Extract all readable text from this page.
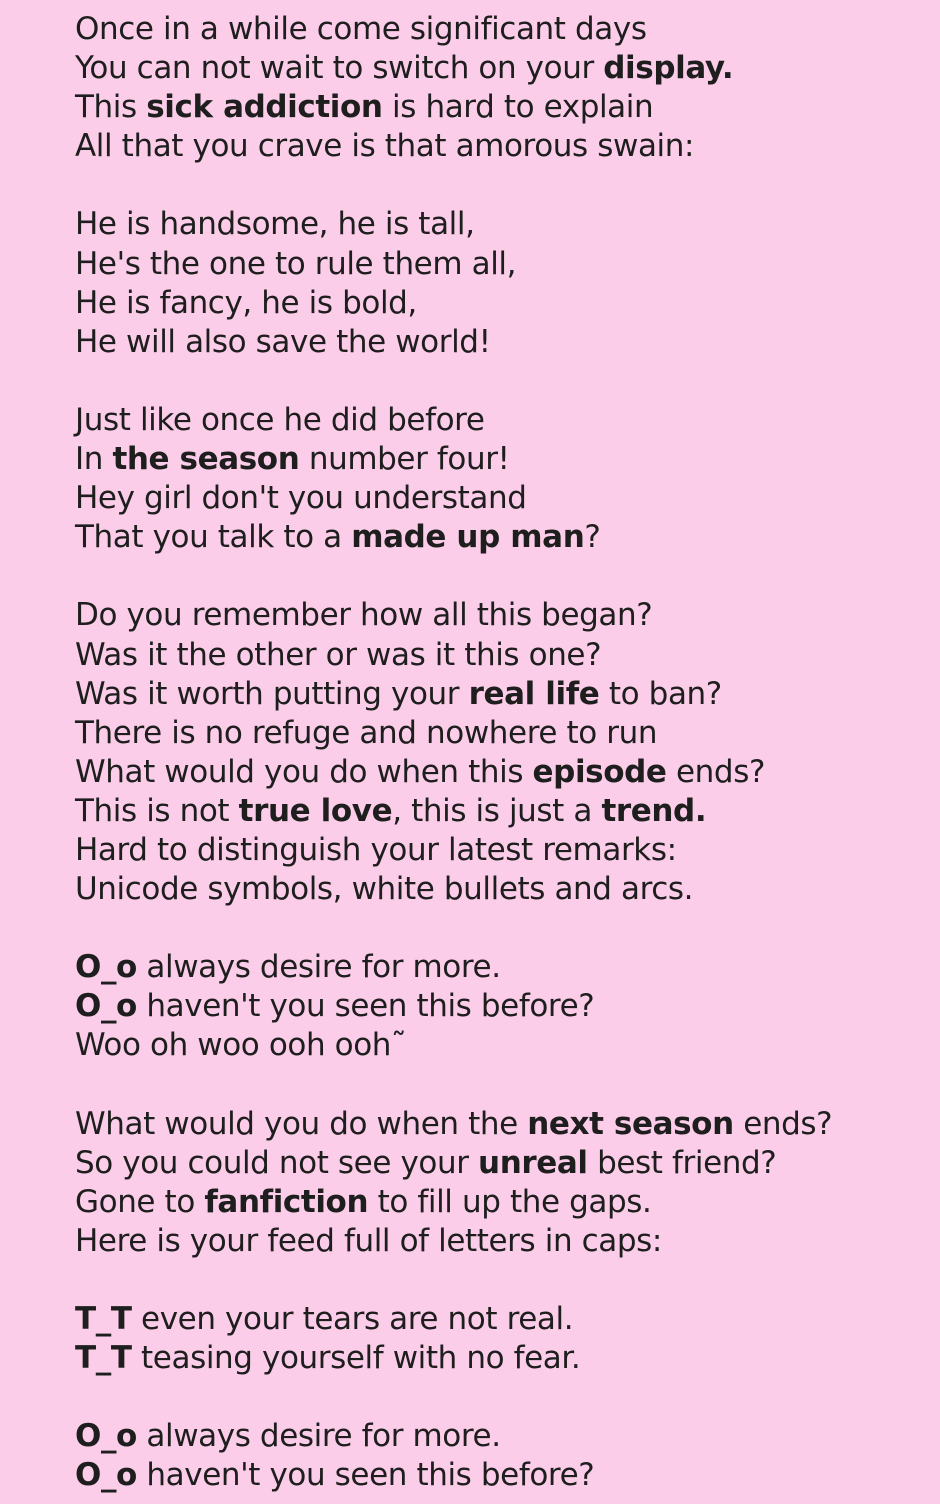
Once in a while come significant days
You can not wait to switch on your display.
This sick addiction is hard to explain
All that you crave is that amorous swain:
He is handsome, he is tall,
He's the one to rule them all,
He is fancy, he is bold,
He will also save the world!
Just like once he did before
In the season number four!
Hey girl don't you understand
That you talk to a made up man?
Do you remember how all this began?
Was it the other or was it this one?
Was it worth putting your real life to ban?
There is no refuge and nowhere to run
What would you do when this episode ends?
This is not true love, this is just a trend.
Hard to distinguish your latest remarks:
Unicode symbols, white bullets and arcs.
O_o always desire for more.
O_o haven't you seen this before?
Woo oh woo ooh ooh˜
What would you do when the next season ends?
So you could not see your unreal best friend?
Gone to fanfiction to fill up the gaps.
Here is your feed full of letters in caps:
T_T even your tears are not real.
T_T teasing yourself with no fear.
O_o always desire for more.
O_o haven't you seen this before?
